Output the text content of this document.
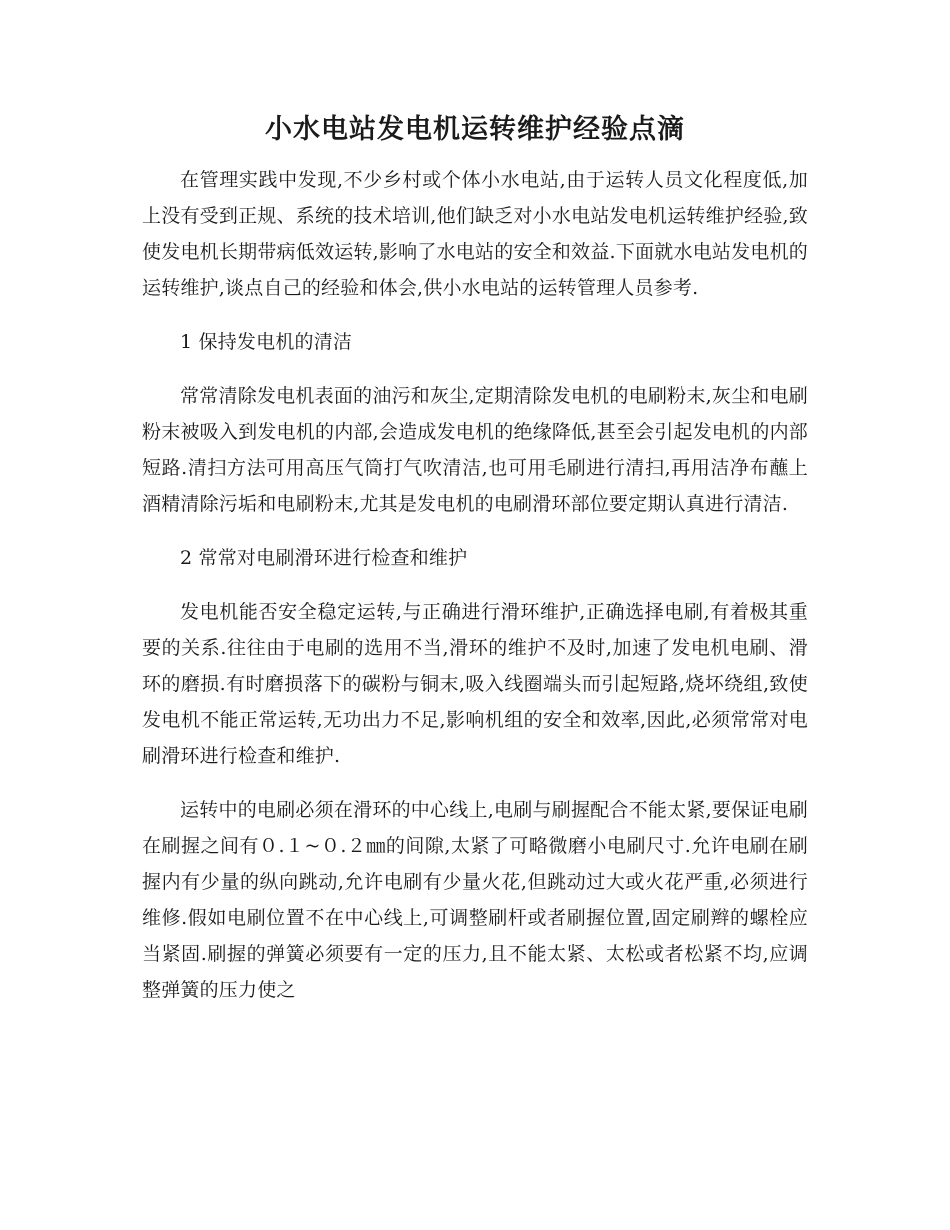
小水电站发电机运转维护经验点滴

在管理实践中发现,不少乡村或个体小水电站,由于运转人员文化程度低,加上没有受到正规、系统的技术培训,他们缺乏对小水电站发电机运转维护经验,致使发电机长期带病低效运转,影响了水电站的安全和效益.下面就水电站发电机的运转维护,谈点自己的经验和体会,供小水电站的运转管理人员参考.

1 保持发电机的清洁

常常清除发电机表面的油污和灰尘,定期清除发电机的电刷粉末,灰尘和电刷粉末被吸入到发电机的内部,会造成发电机的绝缘降低,甚至会引起发电机的内部短路.清扫方法可用高压气筒打气吹清洁,也可用毛刷进行清扫,再用洁净布蘸上酒精清除污垢和电刷粉末,尤其是发电机的电刷滑环部位要定期认真进行清洁.

2 常常对电刷滑环进行检查和维护

发电机能否安全稳定运转,与正确进行滑环维护,正确选择电刷,有着极其重要的关系.往往由于电刷的选用不当,滑环的维护不及时,加速了发电机电刷、滑环的磨损.有时磨损落下的碳粉与铜末,吸入线圈端头而引起短路,烧坏绕组,致使发电机不能正常运转,无功出力不足,影响机组的安全和效率,因此,必须常常对电刷滑环进行检查和维护.

运转中的电刷必须在滑环的中心线上,电刷与刷握配合不能太紧,要保证电刷在刷握之间有０.１~０.２㎜的间隙,太紧了可略微磨小电刷尺寸.允许电刷在刷握内有少量的纵向跳动,允许电刷有少量火花,但跳动过大或火花严重,必须进行维修.假如电刷位置不在中心线上,可调整刷杆或者刷握位置,固定刷辫的螺栓应当紧固.刷握的弹簧必须要有一定的压力,且不能太紧、太松或者松紧不均,应调整弹簧的压力使之
